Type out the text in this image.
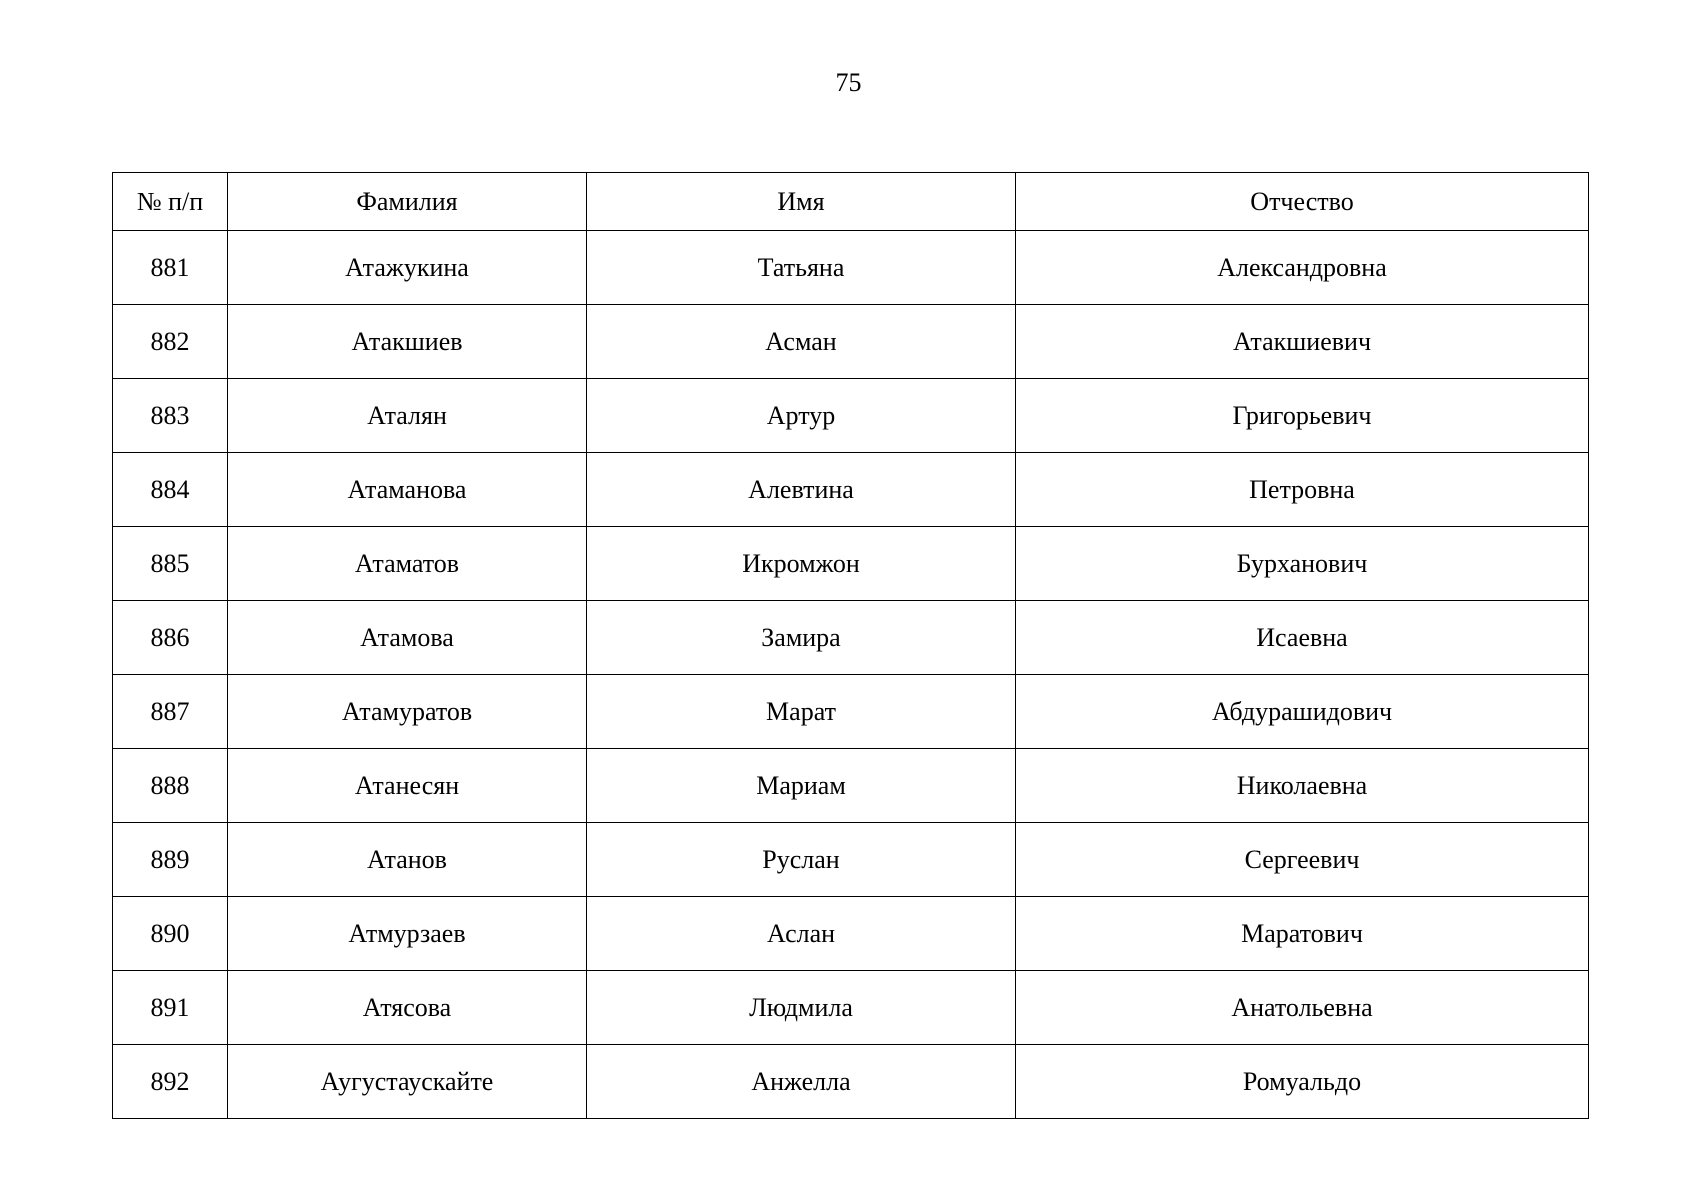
75
№ п/п	Фамилия	Имя	Отчество
881	Атажукина	Татьяна	Александровна
882	Атакшиев	Асман	Атакшиевич
883	Аталян	Артур	Григорьевич
884	Атаманова	Алевтина	Петровна
885	Атаматов	Икромжон	Бурханович
886	Атамова	Замира	Исаевна
887	Атамуратов	Марат	Абдурашидович
888	Атанесян	Мариам	Николаевна
889	Атанов	Руслан	Сергеевич
890	Атмурзаев	Аслан	Маратович
891	Атясова	Людмила	Анатольевна
892	Аугустаускайте	Анжелла	Ромуальдо
